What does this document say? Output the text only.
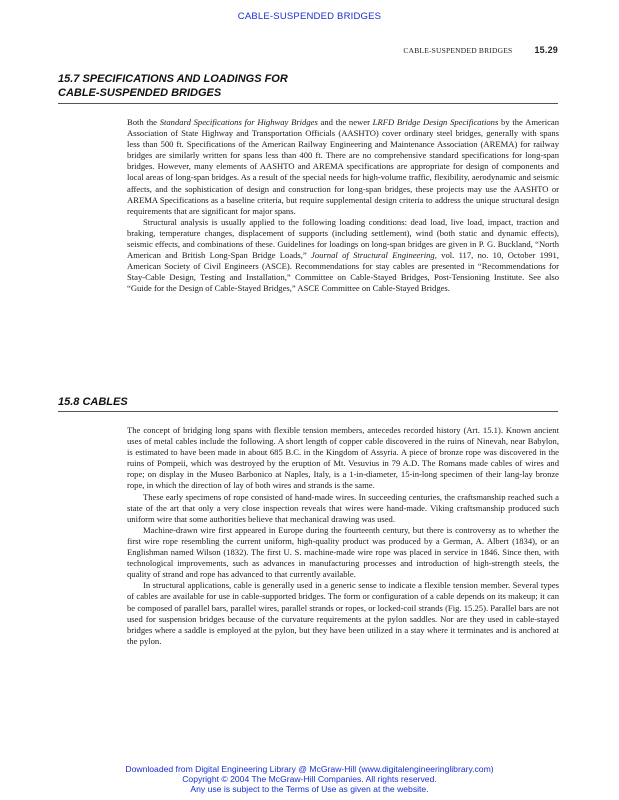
CABLE-SUSPENDED BRIDGES
CABLE-SUSPENDED BRIDGES 15.29
15.7 SPECIFICATIONS AND LOADINGS FOR
CABLE-SUSPENDED BRIDGES

Both the Standard Specifications for Highway Bridges and the newer LRFD Bridge Design Specifications by the American Association of State Highway and Transportation Officials (AASHTO) cover ordinary steel bridges, generally with spans less than 500 ft. Specifications of the American Railway Engineering and Maintenance Association (AREMA) for railway bridges are similarly written for spans less than 400 ft. There are no comprehensive standard specifications for long-span bridges. However, many elements of AASHTO and AREMA specifications are appropriate for design of components and local areas of long-span bridges. As a result of the special needs for high-volume traffic, flexibility, aerodynamic and seismic affects, and the sophistication of design and construction for long-span bridges, these projects may use the AASHTO or AREMA Specifications as a baseline criteria, but require supplemental design criteria to address the unique structural design requirements that are significant for major spans.

Structural analysis is usually applied to the following loading conditions: dead load, live load, impact, traction and braking, temperature changes, displacement of supports (including settlement), wind (both static and dynamic effects), seismic effects, and combinations of these. Guidelines for loadings on long-span bridges are given in P. G. Buckland, “North American and British Long-Span Bridge Loads,” Journal of Structural Engineering, vol. 117, no. 10, October 1991, American Society of Civil Engineers (ASCE). Recommendations for stay cables are presented in “Recommendations for Stay-Cable Design, Testing and Installation,” Committee on Cable-Stayed Bridges, Post-Tensioning Institute. See also “Guide for the Design of Cable-Stayed Bridges,” ASCE Committee on Cable-Stayed Bridges.

15.8 CABLES

The concept of bridging long spans with flexible tension members, antecedes recorded history (Art. 15.1). Known ancient uses of metal cables include the following. A short length of copper cable discovered in the ruins of Ninevah, near Babylon, is estimated to have been made in about 685 B.C. in the Kingdom of Assyria. A piece of bronze rope was discovered in the ruins of Pompeii, which was destroyed by the eruption of Mt. Vesuvius in 79 A.D. The Romans made cables of wires and rope; on display in the Museo Barbonico at Naples, Italy, is a 1-in-diameter, 15-in-long specimen of their lang-lay bronze rope, in which the direction of lay of both wires and strands is the same.

These early specimens of rope consisted of hand-made wires. In succeeding centuries, the craftsmanship reached such a state of the art that only a very close inspection reveals that wires were hand-made. Viking craftsmanship produced such uniform wire that some authorities believe that mechanical drawing was used.

Machine-drawn wire first appeared in Europe during the fourteenth century, but there is controversy as to whether the first wire rope resembling the current uniform, high-quality product was produced by a German, A. Albert (1834), or an Englishman named Wilson (1832). The first U. S. machine-made wire rope was placed in service in 1846. Since then, with technological improvements, such as advances in manufacturing processes and introduction of high-strength steels, the quality of strand and rope has advanced to that currently available.

In structural applications, cable is generally used in a generic sense to indicate a flexible tension member. Several types of cables are available for use in cable-supported bridges. The form or configuration of a cable depends on its makeup; it can be composed of parallel bars, parallel wires, parallel strands or ropes, or locked-coil strands (Fig. 15.25). Parallel bars are not used for suspension bridges because of the curvature requirements at the pylon saddles. Nor are they used in cable-stayed bridges where a saddle is employed at the pylon, but they have been utilized in a stay where it terminates and is anchored at the pylon.

Downloaded from Digital Engineering Library @ McGraw-Hill (www.digitalengineeringlibrary.com)
Copyright © 2004 The McGraw-Hill Companies. All rights reserved.
Any use is subject to the Terms of Use as given at the website.
